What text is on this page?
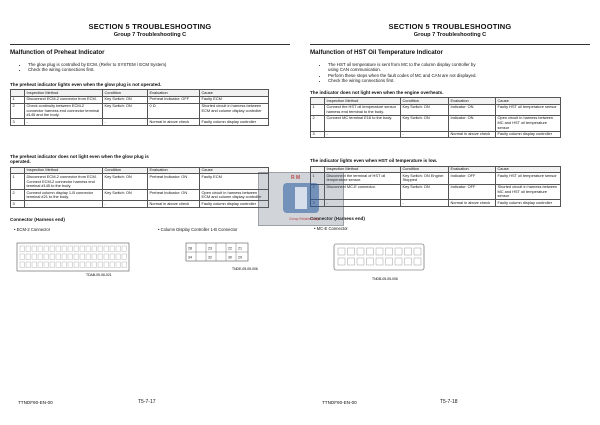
SECTION 5 TROUBLESHOOTING
Group 7 Troubleshooting C
Malfunction of Preheat Indicator
• The glow plug is controlled by ECM. (Refer to SYSTEM / ECM System)
• Check the wiring connections first.
The preheat indicator lights even when the glow plug is not operated.
	Inspection Method	Condition	Evaluation	Cause
1	Disconnect ECM-2 connector from ECM.	Key Switch: ON	Preheat Indicator: OFF	Faulty ECM
2	Check continuity between ECM-2 connector harness end connector terminal #145 and the body.	Key Switch: ON	0 Ω	Shorted circuit in harness between ECM and column display controller
3	-	-	Normal in above check	Faulty column display controller
The preheat indicator does not light even when the glow plug is operated.
	Inspection Method	Condition	Evaluation	Cause
1	Disconnect ECM-2 connector from ECM. Connect ECM-2 connector harness end terminal #145 to the body.	Key Switch: ON	Preheat Indicator: ON	Faulty ECM
2	Connect column display 1-B connector terminal #21 to the body.	Key Switch: ON	Preheat Indicator: ON	Open circuit in harness between ECM and column display controller
3	-	-	Normal in above check	Faulty column display controller
Connector (Harness end)
• ECM-2 Connector	• Column Display Controller 1-B Connector
TDAB-05-06-021
28	23	22 21
34	32	30 29
TNDE-05-05-006
TTNDF90-EN-00	T5-7-17
SECTION 5 TROUBLESHOOTING
Group 7 Troubleshooting C
Malfunction of HST Oil Temperature Indicator
• The HST oil temperature is sent from MC to the column display controller by using CAN communication.
• Perform these steps when the fault codes of MC and CAN are not displayed.
• Check the wiring connections first.
The indicator does not light even when the engine overheats.
	Inspection Method	Condition	Evaluation	Cause
1	Connect the HST oil temperature sensor harness end terminal to the body.	Key Switch: ON	Indicator: ON	Faulty HST oil temperature sensor
2	Connect MC terminal E16 to the body.	Key Switch: ON	Indicator: ON	Open circuit in harness between MC and HST oil temperature sensor
3	-	-	Normal in above check	Faulty column display controller
The indicator lights even when HST oil temperature is low.
	Inspection Method	Condition	Evaluation	Cause
1	Disconnect the terminal of HST oil temperature sensor.	Key Switch: ON Engine: Stopped	Indicator: OFF	Faulty HST oil temperature sensor
	Disconnect MC-E connector.	Key Switch: ON	Indicator: OFF	Shorted circuit in harness between MC and HST oil temperature sensor
	-	-	Normal in above check	Faulty column display controller
Connector (Harness end)
• MC-E Connector
TNDB-05-05-006
TTNDF90-EN-00	T5-7-18
R M
Cheap Reliable Shop
